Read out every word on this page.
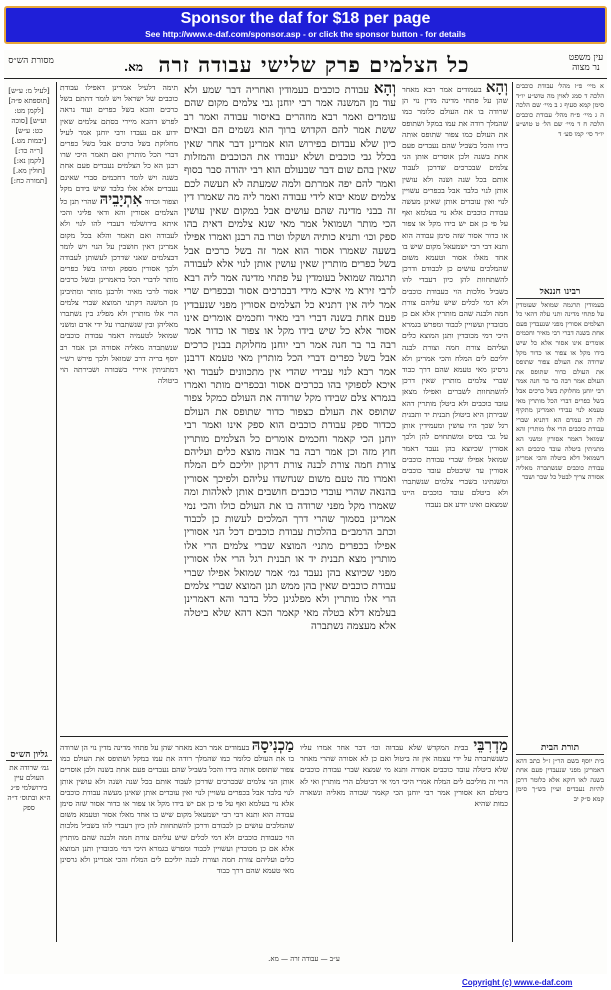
Sponsor the daf for $18 per page
See http://www.e-daf.com/sponsor.asp - or click the sponsor button - for details
עין משפט נר מצוה
כל הצלמים פרק שלישי עבודה זרה
מא.
מסורת הש״ס
א מיי׳ פ״ז מהל׳ עבודת כוכבים הלכה ד סמג לאוין מה טוש״ע יו״ד סימן קמא סעיף ג ב מיי׳ שם הלכה ה ג מיי׳ פ״ח מהל׳ עבודת כוכבים הלכה ח ד מיי׳ שם הל׳ ט טוש״ע יו״ד סי׳ קמו סע׳ ד
רבינו חננאל
בעמודין תרגמה שמואל שעומדין על פתחי מדינה ותני עלה דהאי כל הצלמים אסורין מפני שנעבדין פעם אחת בשנה דברי רבי מאיר וחכמים אומרים אינו אסור אלא כל שיש בידו מקל או צפור או כדור מקל שרודה את העולם צפור שתופס את העולם כדור שתופס את העולם אמר רבה בר בר חנה אמר רבי יוחנן מחלוקת בשל כרכים אבל בשל כפרים דברי הכל מותרין מאי טעמא לנוי עבידי ואמרינן מתקיף לה רב עמרם הא דתניא שברי עבודת כוכבים הרי אלו מותרין והא שמואל דאמר אסורין ומשני הא מתניתין ביטלה עובד כוכבים הא דשמואל דלא ביטלה והכי אמרינן עבודת כוכבים שנשתברה מאליה אסורה צריך לבטל כל שבר ושבר
תורת הבית
בית יוסף בשם הר״ן ז״ל כתב דהא דאמרינן מפני שנעבדין פעם אחת בשנה לאו דוקא אלא כלומר דרכן להיות נעבדים ועיין בש״ך סימן קמא ס״ק יב
וְהָא בעמודים אמר רבא מאחר שהן על פתחי מדינה מדין נוי הן שרודה בו את העולם כלומר כמו שהמלך רודה את עמו במקל ושתופס את העולם כמו צפור שתופס אותה בידו והכל בשביל שהם נעבדים פעם אחת בשנה ולכן אוסרים אותן הני צלמים שבכרכים שדרכן לעבוד אותם בכל שנה ושנה ולא עושין אותן לנוי בלבד אבל בכפרים עשויין לנוי ואין עובדים אותן שאינן מעשה עבודת כוכבים אלא נוי בעלמא ואף על פי כן אם יש בידו מקל או צפור או כדור אסור שזה סימן עבודה הוא ותנא דבי רבי ישמעאל מקום שיש בו אחד מאלו אסור וטעמא משום שהמלכים עושים כן לכבודם ודרכן להשתחוות להן כיון דעבדי להו בשביל מלכות הוי כעבודת כוכבים ולא דמי לכלים שיש עליהם צורת חמה ולבנה שהם מותרין אלא אם כן מכובדין ועשויין לכבוד ומפרש בגמרא היכי דמי מכובדין ותנן המוצא כלים ועליהם צורת חמה וצורת לבנה יוליכם לים המלח והכי אמרינן ולא גרסינן מאי טעמא שהם דרך כבוד שברי צלמים מותרין שאין דרכן להשתחוות לשברים ואפילו מצאן עובד כוכבים ולא ביטלן מותרין דהא שבירתן היא ביטולן תבנית יד ותבנית רגל שכך היו עושין ומעמידין אותן על גבי בסיס ומשתחוים להן ולכך אסורין שכיוצא בהן נעבד דאמר שמואל אפילו שברי עבודת כוכבים אסורין עד שיבטלם עובד כוכבים ומשנתינו בשברי צלמים שנשתברו ולא ביטלם עובד כוכבים היינו שמצאם ואינו יודע אם נעבדו
וְהָא עבודת כוכבים בעמודין ואחריה דבר שמע ולא עוד מן המשנה אמר רבי יוחנן גבי צלמים מקום שהם עומדים ואמר רבא מוזהרים באיסור עבודה ואמר רב ששת אמר להם הקדוש ברוך הוא גשמים הם ובאים כיון שלא עבדום בפירוש הוא אמרינן דבר אחר שאין בכלל גבי כוכבים ושלא יעבודו את הכוכבים והמזלות שאין בהם שום דבר שבעולם הוא רבי יהודה סבר בסוף ואמר להם יפה אמרתם ולמה שמעתה לא תעשה לכם צלמים שמא יבוא לידי עבודה ואמר ליה מה שאמרו דין זה בבני מדינה שהם עושים אבל במקום שאין עושין הכי מותר ושמואל אמר מאי שנא צלמים דאית בהו ספק וכו׳ ותניא כותיה ושקלו וטרו בה רבנן ואמרו אפילו בשעה שאמרו אסור הוא אמר זה בשל כרכים אבל בשל כפרים מותרין שאין עושין אותן לנוי אלא לעבודה תרגמה שמואל בעומדין על פתחי מדינה אמר ליה רבא לרבי זירא מי איכא מידי דבכרכים אסור ובכפרים שרי אמר ליה אין דתניא כל הצלמים אסורין מפני שנעבדין פעם אחת בשנה דברי רבי מאיר וחכמים אומרים אינו אסור אלא כל שיש בידו מקל או צפור או כדור אמר רבה בר בר חנה אמר רבי יוחנן מחלוקת בבנין כרכים אבל בשל כפרים דברי הכל מותרין מאי טעמא דרבנן אמר רבא לנוי עבידי שהדי אין מתכוונים לעבוד ואי איכא לספוקי בהו בכרכים אסור ובכפרים מותר ואמרו בגמרא צלם שבידו מקל שרודה את העולם כמקל צפור שתופס את העולם כצפור כדור שתופס את העולם ככדור ספק עבודת כוכבים הוא ספק אינו ואמר רבי יוחנן הכי קאמר וחכמים אומרים כל הצלמים מותרין חוץ מזה וכן אמר רבה בר אבוה מוצא כלים ועליהם צורת חמה צורת לבנה צורת דרקון יוליכם לים המלח ואמרו מה טעם משום שנחשדו עליהם ולפיכך אסורין בהנאה שהרי עובדי כוכבים חושבים אותן לאלהות ומה שאמרו מקל מפני שרודה בו את העולם כולו והכי נמי אמרינן בסמוך שהרי דרך המלכים לעשות כן לכבוד וכתב הרמב״ם בהלכות עבודת כוכבים דכל הני אסורין אפילו בכפרים מתני׳ המוצא שברי צלמים הרי אלו מותרין מצא תבנית יד או תבנית רגל הרי אלו אסורין מפני שכיוצא בהן נעבד גמ׳ אמר שמואל אפילו שברי עבודת כוכבים שאין בהן ממש תנן המוצא שברי צלמים הרי אלו מותרין ולא מפלגינן כלל בדבר והא דאמרינן בעלמא דלא בטלה מאי קאמר הכא דהא שלא ביטלה אלא מעצמה נשתברה
תימה דלעיל אמרינן דאפילו עבודת כוכבים של ישראל ויש לומר דהתם בשל כרכים והכא בשל כפרים ועוד נראה לפרש דהכא מיירי בסתם צלמים שאין ידוע אם נעבדו ורבי יוחנן אמר לעיל מחלוקת בשל כרכים אבל בשל כפרים דברי הכל מותרין ואם תאמר היכי שרו רבנן הא כל הצלמים נעבדים פעם אחת בשנה ויש לומר דחכמים סברי שאינם נעבדים אלא אלו בלבד שיש בידם מקל וצפור וכדור אִתְיָבֵיהּ שהרי תנן כל הצלמים אסורין והא ודאי פליגי והכי איתא בירושלמי דעבדי להו לנוי ולא לעבודה ואם תאמר והלא בכל מקום אמרינן דאין חושבין על הנוי ויש לומר דבצלמים שאני שדרכן לעשותן לעבודה ולכך אסורין מספק ומיהו בשל כפרים מותר לדברי הכל כדאמרינן ובשל כרכים אסור לרבי מאיר ולרבנן מותר ומתיבינן מן המשנה דקתני המוצא שברי צלמים הרי אלו מותרין ולא מפליג בין נשתברו מאליהן ובין שנשתברו על ידי אדם ומשני שמואל לטעמיה דאמר עבודת כוכבים שנשתברה מאליה אסורה וכן אמר רב יוסף בריה דרב שמואל ולכך פירש רש״י דמתניתין איירי בשבורה ושבירתה הוי ביטולה
[לעיל מ: ע״ש] [תוספתא פ״ה] [לקמן מט: וע״ש] [סוכה כט: ע״ש] [יבמות מט.] [ר״ה כד:] [לקמן נא:] [חולין מא.] [תמורה כח:]
גליון הש״ס
גמ׳ שרודה את העולם עיין בירושלמי פ״ג ה״א ובתוס׳ ד״ה ספק
מַדְרִבֵּי בבית המקדש שלא עבדוה וכו׳ דבר אחר אמרו עליו כשנשתברה על ידי עצמה אין זה ביטול ואם כן לא אסורה שהרי מאחר שלא ביטלה עובד כוכבים אסורה ותנא מי שמצא שברי עבודת כוכבים הרי זה מוליכם לים המלח אמרי היכי דמי אי דביטלם הרי מותרין ואי לא ביטלם הא אסורין אמר רבי יוחנן הכי קאמר שבורה מאליה ונשארה כמות שהיא
מַכְנִיסָהּ בעמודים אמר רבא מאחר שהן על פתחי מדינה מדין נוי הן שרודה בו את העולם כלומר כמו שהמלך רודה את עמו במקל ושתופס את העולם כמו צפור שתופס אותה בידו והכל בשביל שהם נעבדים פעם אחת בשנה ולכן אוסרים אותן הני צלמים שבכרכים שדרכן לעבוד אותם בכל שנה ושנה ולא עושין אותן לנוי בלבד אבל בכפרים עשויין לנוי ואין עובדים אותן שאינן מעשה עבודת כוכבים אלא נוי בעלמא ואף על פי כן אם יש בידו מקל או צפור או כדור אסור שזה סימן עבודה הוא ותנא דבי רבי ישמעאל מקום שיש בו אחד מאלו אסור וטעמא משום שהמלכים עושים כן לכבודם ודרכן להשתחוות להן כיון דעבדי להו בשביל מלכות הוי כעבודת כוכבים ולא דמי לכלים שיש עליהם צורת חמה ולבנה שהם מותרין אלא אם כן מכובדין ועשויין לכבוד ומפרש בגמרא היכי דמי מכובדין ותנן המוצא כלים ועליהם צורת חמה וצורת לבנה יוליכם לים המלח והכי אמרינן ולא גרסינן מאי טעמא שהם דרך כבוד
ע״ב — עבודה זרה — מא.
Copyright (c) www.e-daf.com
